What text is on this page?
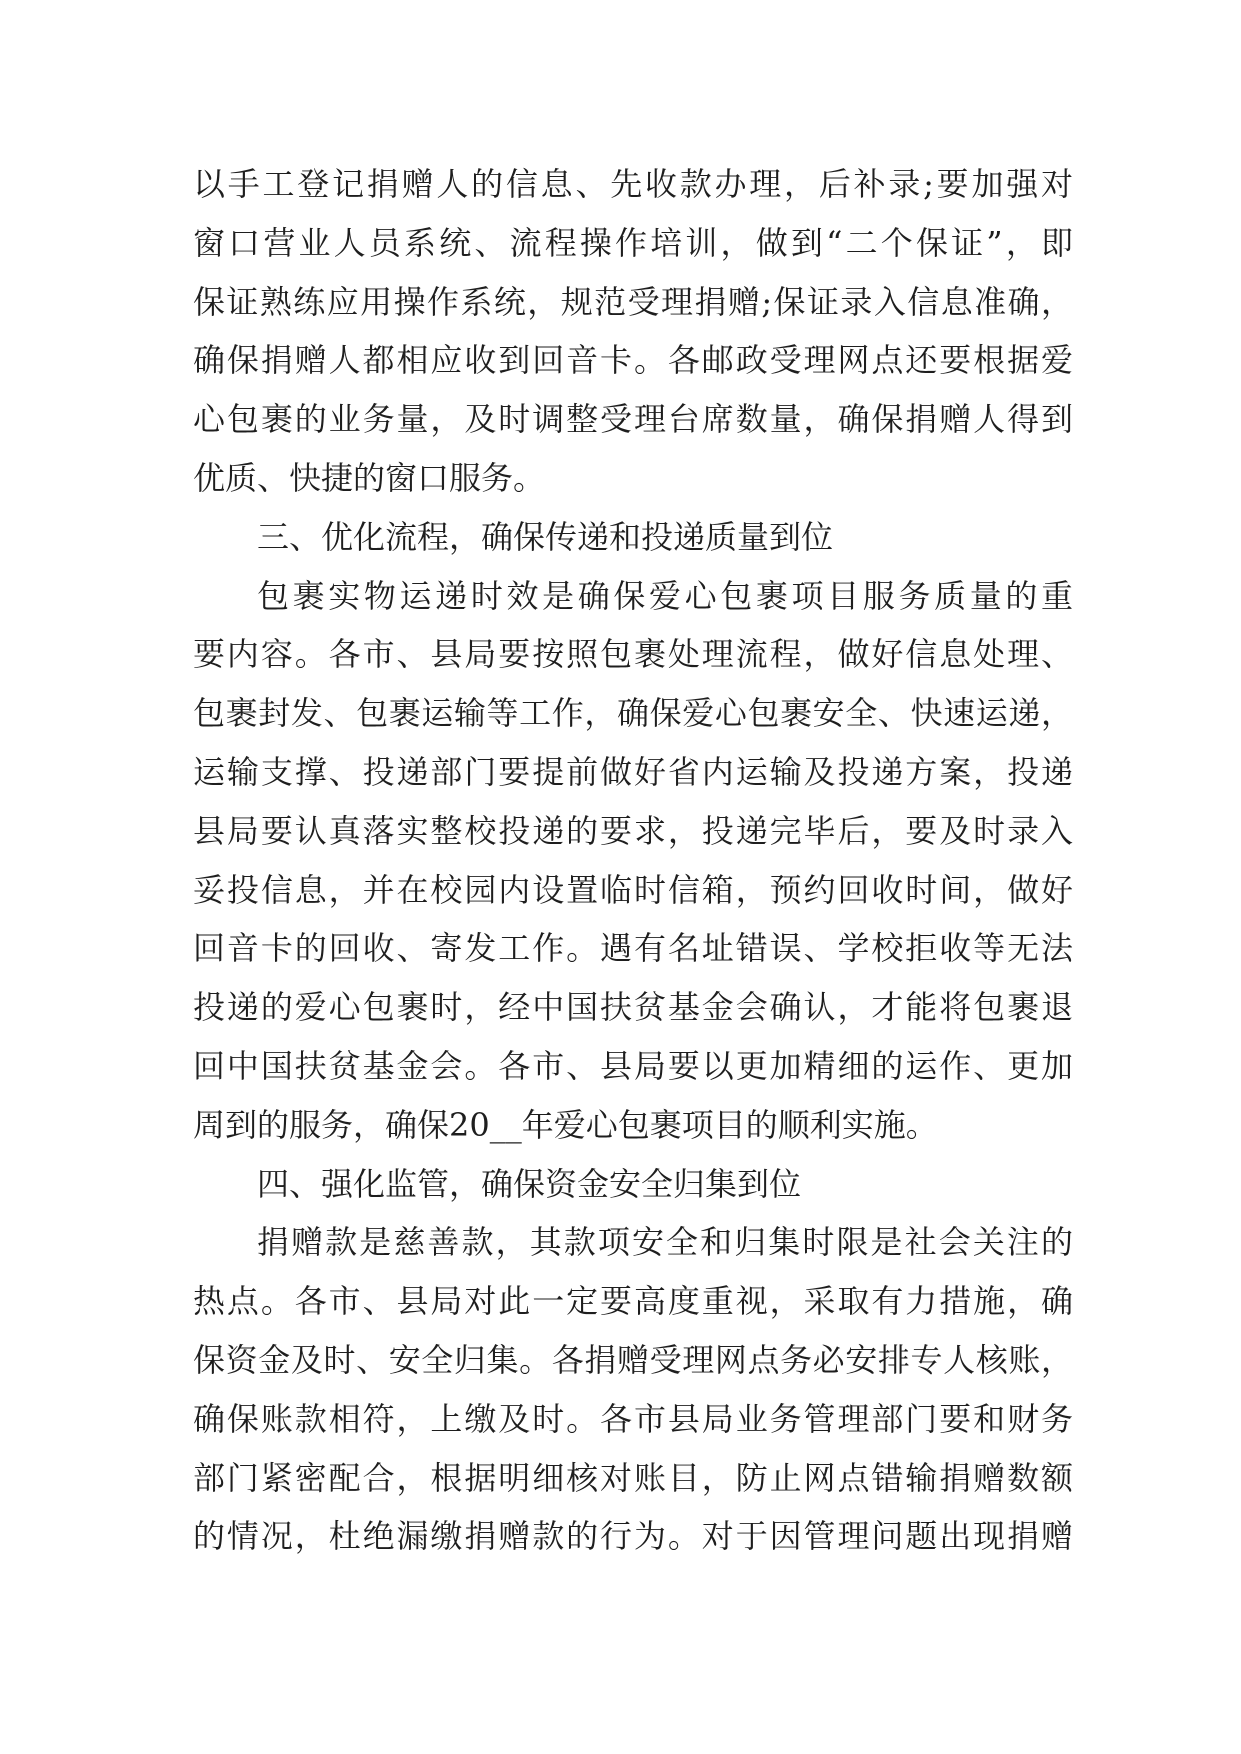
以手工登记捐赠人的信息、先收款办理，后补录;要加强对
窗口营业人员系统、流程操作培训，做到“二个保证”，即
保证熟练应用操作系统，规范受理捐赠;保证录入信息准确，
确保捐赠人都相应收到回音卡。各邮政受理网点还要根据爱
心包裹的业务量，及时调整受理台席数量，确保捐赠人得到
优质、快捷的窗口服务。
三、优化流程，确保传递和投递质量到位
包裹实物运递时效是确保爱心包裹项目服务质量的重
要内容。各市、县局要按照包裹处理流程，做好信息处理、
包裹封发、包裹运输等工作，确保爱心包裹安全、快速运递，
运输支撑、投递部门要提前做好省内运输及投递方案，投递
县局要认真落实整校投递的要求，投递完毕后，要及时录入
妥投信息，并在校园内设置临时信箱，预约回收时间，做好
回音卡的回收、寄发工作。遇有名址错误、学校拒收等无法
投递的爱心包裹时，经中国扶贫基金会确认，才能将包裹退
回中国扶贫基金会。各市、县局要以更加精细的运作、更加
周到的服务，确保20__年爱心包裹项目的顺利实施。
四、强化监管，确保资金安全归集到位
捐赠款是慈善款，其款项安全和归集时限是社会关注的
热点。各市、县局对此一定要高度重视，采取有力措施，确
保资金及时、安全归集。各捐赠受理网点务必安排专人核账，
确保账款相符，上缴及时。各市县局业务管理部门要和财务
部门紧密配合，根据明细核对账目，防止网点错输捐赠数额
的情况，杜绝漏缴捐赠款的行为。对于因管理问题出现捐赠
